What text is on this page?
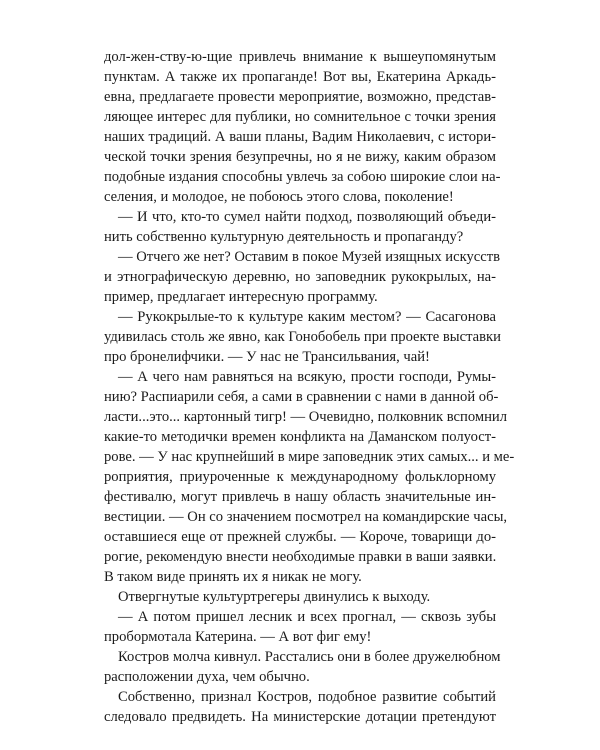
дол-жен-ству-ю-щие привлечь внимание к вышеупомянутым

пунктам. А также их пропаганде! Вот вы, Екатерина Аркадь-

евна, предлагаете провести мероприятие, возможно, представ-

ляющее интерес для публики, но сомнительное с точки зрения

наших традиций. А ваши планы, Вадим Николаевич, с истори-

ческой точки зрения безупречны, но я не вижу, каким образом

подобные издания способны увлечь за собою широкие слои на-

селения, и молодое, не побоюсь этого слова, поколение!

— И что, кто-то сумел найти подход, позволяющий объеди-

нить собственно культурную деятельность и пропаганду?

— Отчего же нет? Оставим в покое Музей изящных искусств

и этнографическую деревню, но заповедник рукокрылых, на-

пример, предлагает интересную программу.

— Рукокрылые-то к культуре каким местом? — Сасагонова

удивилась столь же явно, как Гонобобель при проекте выставки

про бронелифчики. — У нас не Трансильвания, чай!

— А чего нам равняться на всякую, прости господи, Румы-

нию? Распиарили себя, а сами в сравнении с нами в данной об-

ласти...это... картонный тигр! — Очевидно, полковник вспомнил

какие-то методички времен конфликта на Даманском полуост-

рове. — У нас крупнейший в мире заповедник этих самых... и ме-

роприятия, приуроченные к международному фольклорному

фестивалю, могут привлечь в нашу область значительные ин-

вестиции. — Он со значением посмотрел на командирские часы,

оставшиеся еще от прежней службы. — Короче, товарищи до-

рогие, рекомендую внести необходимые правки в ваши заявки.

В таком виде принять их я никак не могу.

Отвергнутые культуртрегеры двинулись к выходу.

— А потом пришел лесник и всех прогнал, — сквозь зубы

пробормотала Катерина. — А вот фиг ему!

Костров молча кивнул. Расстались они в более дружелюбном

расположении духа, чем обычно.

Собственно, признал Костров, подобное развитие событий

следовало предвидеть. На министерские дотации претендуют
